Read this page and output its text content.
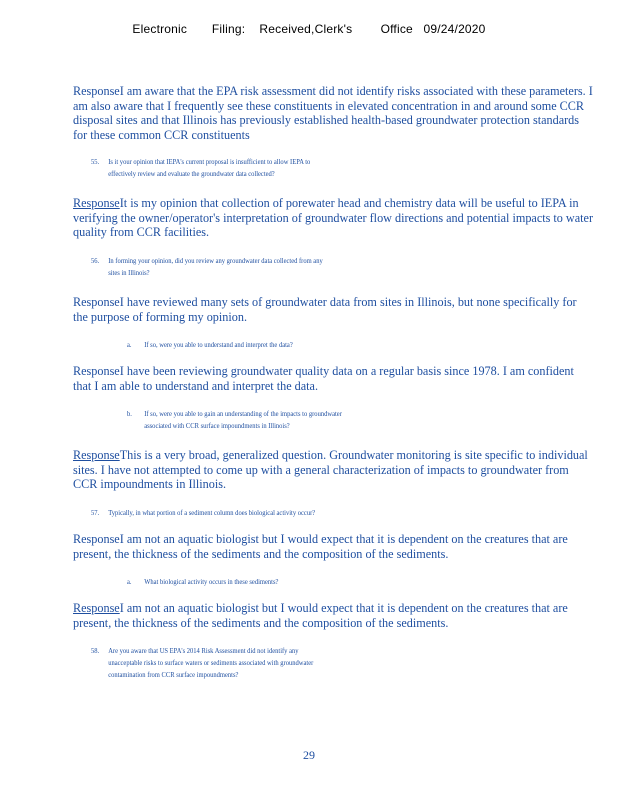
Electronic Filing: Received,Clerk's Office 09/24/2020
ResponseI am aware that the EPA risk assessment did not identify risks associated with these parameters. I am also aware that I frequently see these constituents in elevated concentration in and around some CCR disposal sites and that Illinois has previously established health-based groundwater protection standards for these common CCR constituents
55. Is it your opinion that IEPA's current proposal is insufficient to allow IEPA to
effectively review and evaluate the groundwater data collected?
ResponseIt is my opinion that collection of porewater head and chemistry data will be useful to IEPA in verifying the owner/operator's interpretation of groundwater flow directions and potential impacts to water quality from CCR facilities.
56. In forming your opinion, did you review any groundwater data collected from any
sites in Illinois?
ResponseI have reviewed many sets of groundwater data from sites in Illinois, but none specifically for the purpose of forming my opinion.
a. If so, were you able to understand and interpret the data?
ResponseI have been reviewing groundwater quality data on a regular basis since 1978. I am confident that I am able to understand and interpret the data.
b. If so, were you able to gain an understanding of the impacts to groundwater
associated with CCR surface impoundments in Illinois?
ResponseThis is a very broad, generalized question. Groundwater monitoring is site specific to individual sites. I have not attempted to come up with a general characterization of impacts to groundwater from CCR impoundments in Illinois.
57. Typically, in what portion of a sediment column does biological activity occur?
ResponseI am not an aquatic biologist but I would expect that it is dependent on the creatures that are present, the thickness of the sediments and the composition of the sediments.
a. What biological activity occurs in these sediments?
ResponseI am not an aquatic biologist but I would expect that it is dependent on the creatures that are present, the thickness of the sediments and the composition of the sediments.
58. Are you aware that US EPA's 2014 Risk Assessment did not identify any
unacceptable risks to surface waters or sediments associated with groundwater
contamination from CCR surface impoundments?
29
